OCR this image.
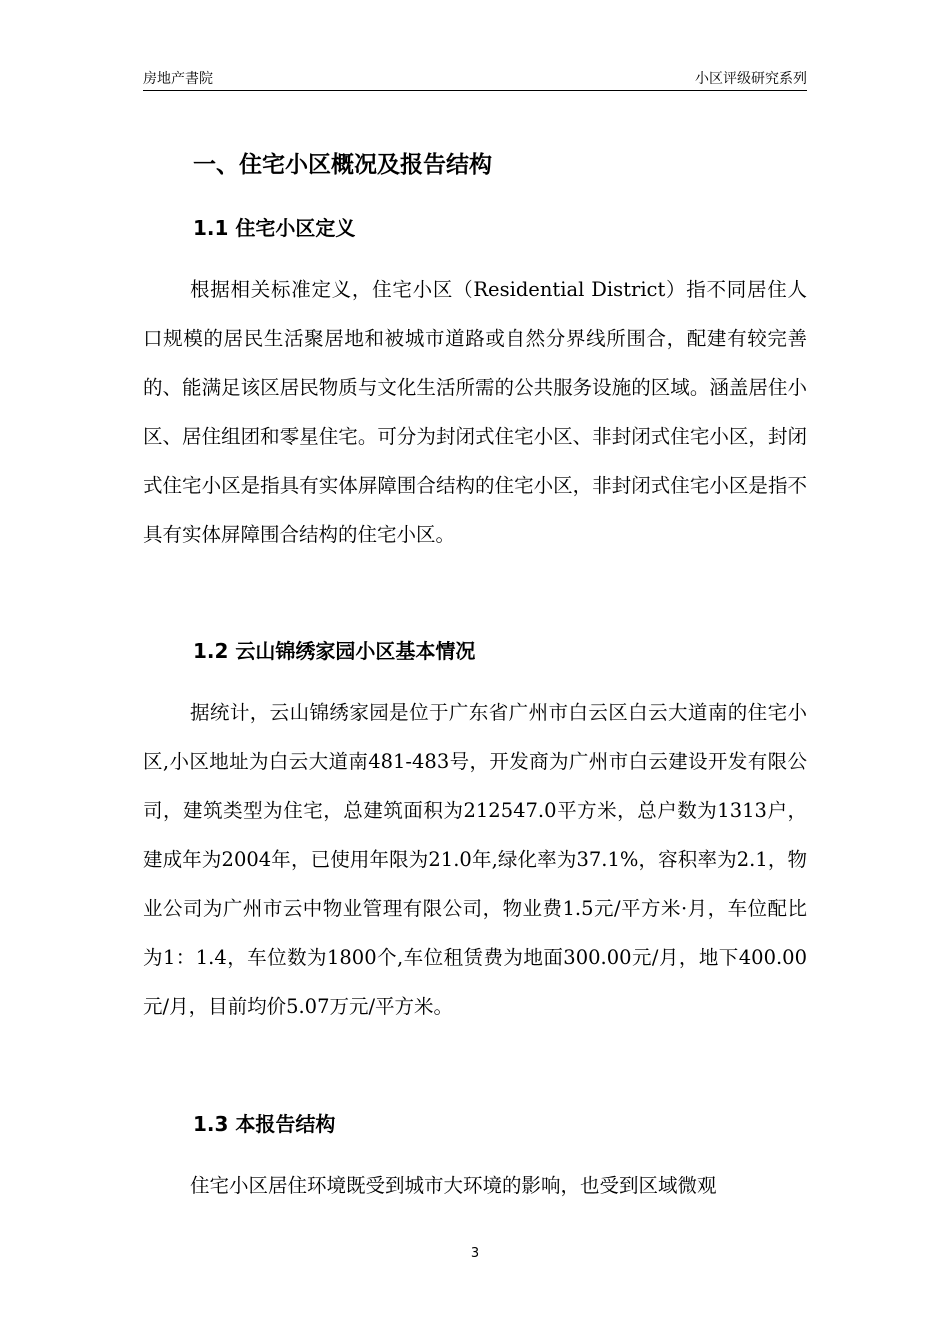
房地产書院	小区评级研究系列
一、住宅小区概况及报告结构
1.1 住宅小区定义

根据相关标准定义，住宅小区（Residential District）指不同居住人口规模的居民生活聚居地和被城市道路或自然分界线所围合，配建有较完善的、能满足该区居民物质与文化生活所需的公共服务设施的区域。涵盖居住小区、居住组团和零星住宅。可分为封闭式住宅小区、非封闭式住宅小区，封闭式住宅小区是指具有实体屏障围合结构的住宅小区，非封闭式住宅小区是指不具有实体屏障围合结构的住宅小区。

1.2 云山锦绣家园小区基本情况

据统计，云山锦绣家园是位于广东省广州市白云区白云大道南的住宅小区,小区地址为白云大道南481-483号，开发商为广州市白云建设开发有限公司，建筑类型为住宅，总建筑面积为212547.0平方米，总户数为1313户，建成年为2004年，已使用年限为21.0年,绿化率为37.1%，容积率为2.1，物业公司为广州市云中物业管理有限公司，物业费1.5元/平方米·月，车位配比为1：1.4，车位数为1800个,车位租赁费为地面300.00元/月，地下400.00元/月，目前均价5.07万元/平方米。

1.3 本报告结构

住宅小区居住环境既受到城市大环境的影响，也受到区域微观

3
